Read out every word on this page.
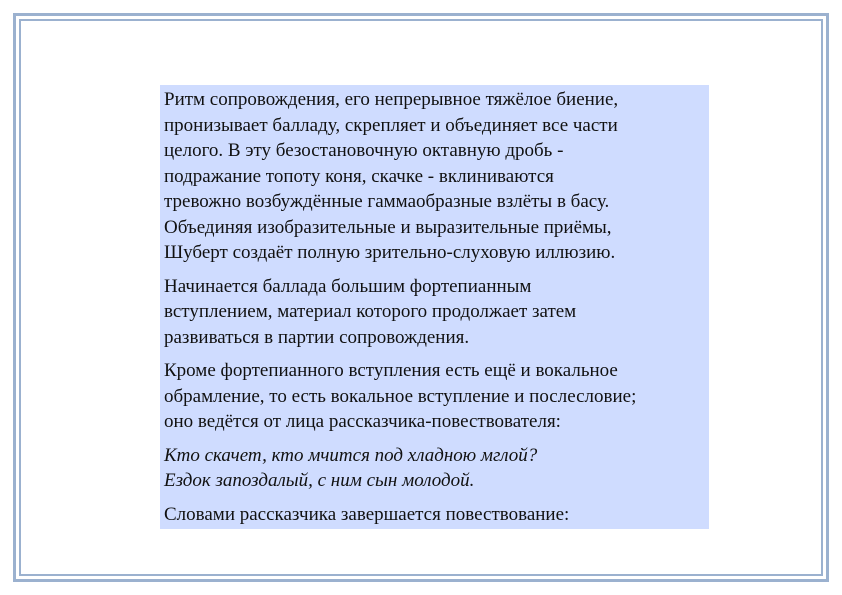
Ритм сопровождения, его непрерывное тяжёлое биение,
пронизывает балладу, скрепляет и объединяет все части
целого. В эту безостановочную октавную дробь -
подражание топоту коня, скачке - вклиниваются
тревожно возбуждённые гаммаобразные взлёты в басу.
Объединяя изобразительные и выразительные приёмы,
Шуберт создаёт полную зрительно-слуховую иллюзию.

Начинается баллада большим фортепианным
вступлением, материал которого продолжает затем
развиваться в партии сопровождения.

Кроме фортепианного вступления есть ещё и вокальное
обрамление, то есть вокальное вступление и послесловие;
оно ведётся от лица рассказчика-повествователя:

Кто скачет, кто мчится под хладною мглой?
Ездок запоздалый, с ним сын молодой.

Словами рассказчика завершается повествование:
